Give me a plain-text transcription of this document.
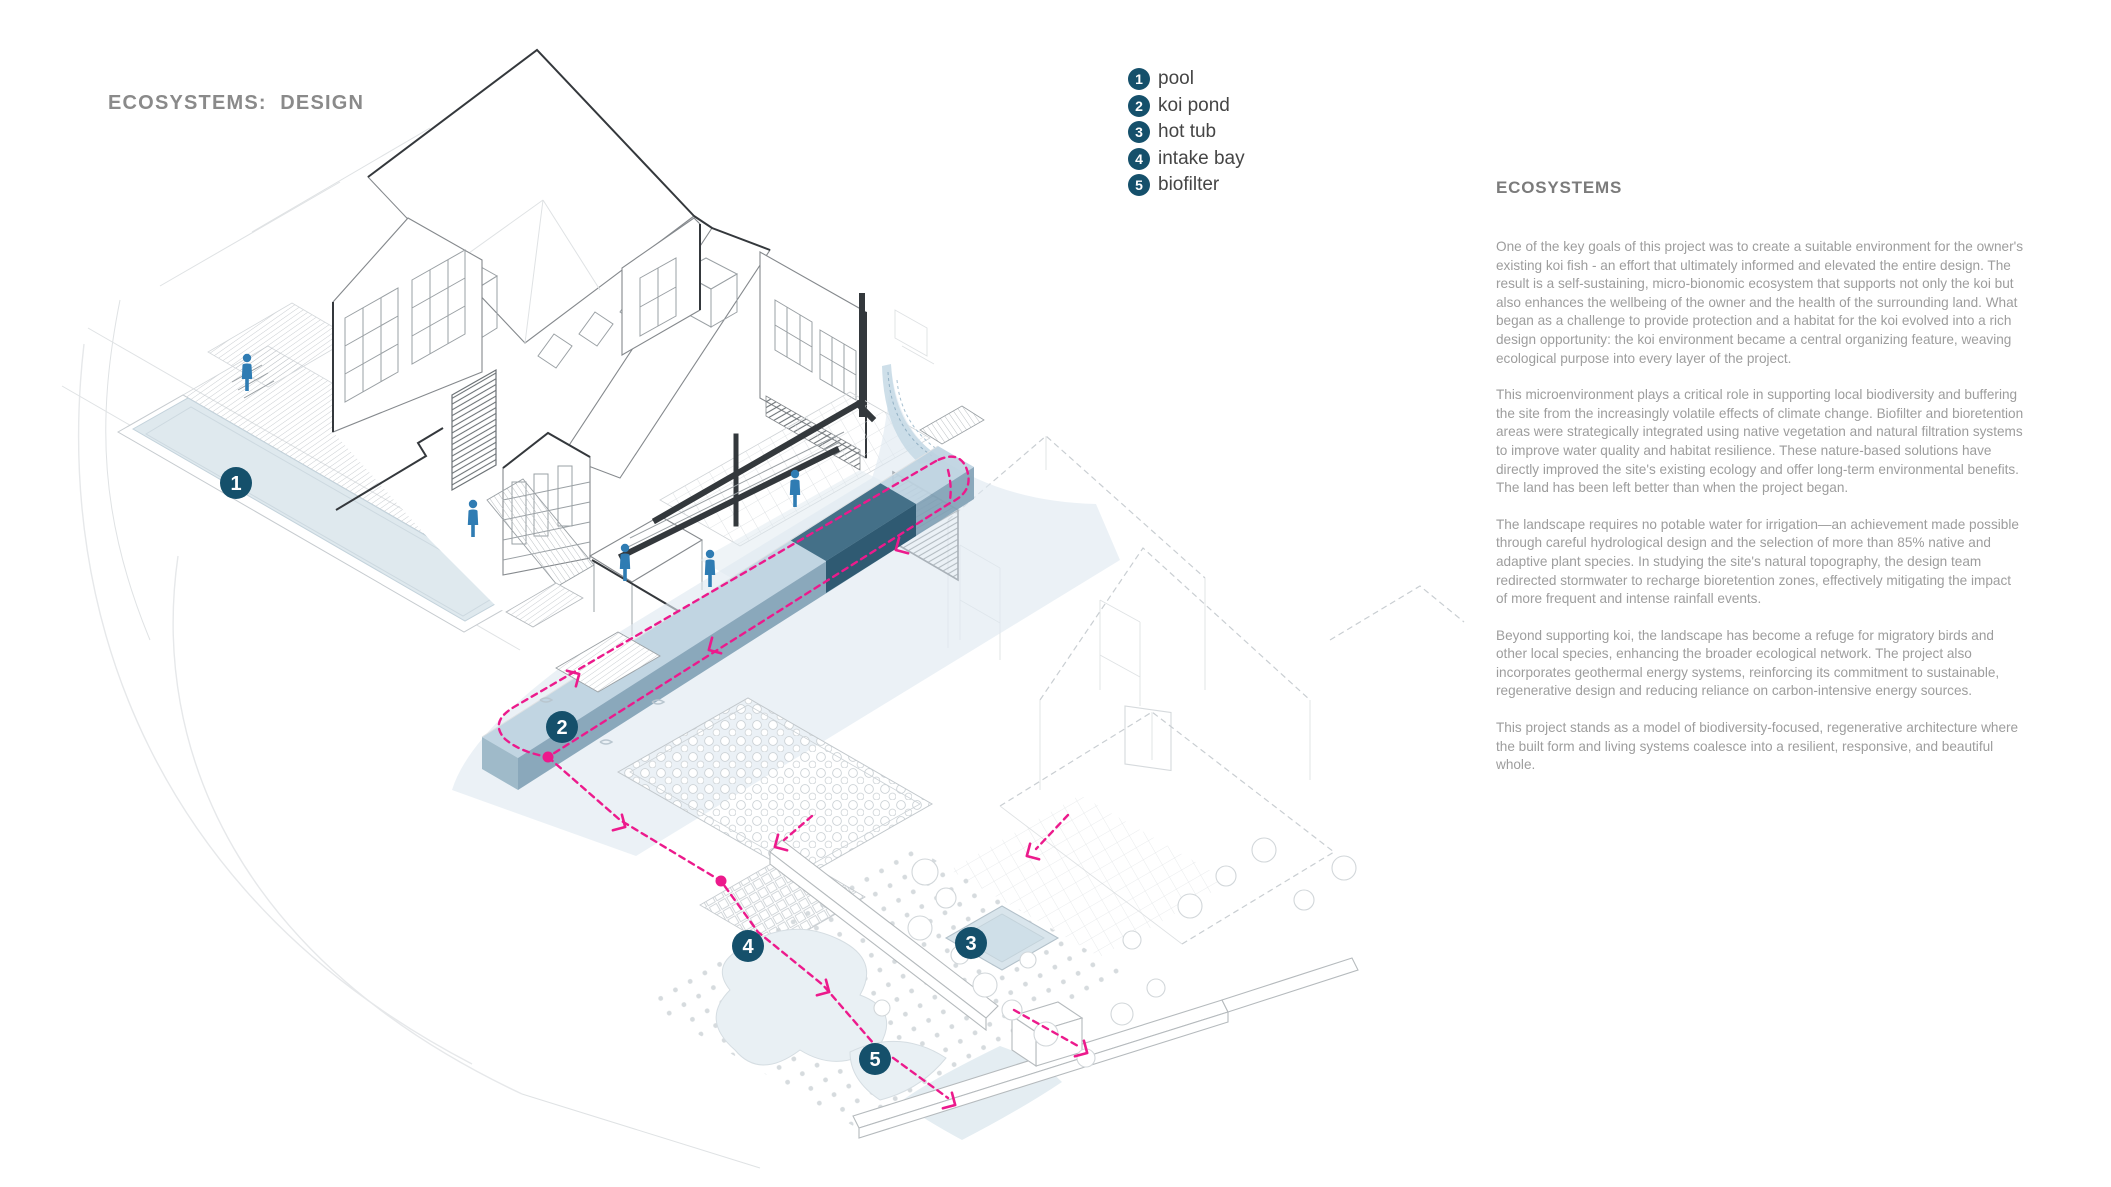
1
2
3
4
5
ECOSYSTEMS:  DESIGN
1 pool
2 koi pond
3 hot tub
4 intake bay
5 biofilter	ECOSYSTEMS

One of the key goals of this project was to create a suitable environment for the owner's existing koi fish - an effort that ultimately informed and elevated the entire design. The result is a self-sustaining, micro-bionomic ecosystem that supports not only the koi but also enhances the wellbeing of the owner and the health of the surrounding land. What began as a challenge to provide protection and a habitat for the koi evolved into a rich design opportunity: the koi environment became a central organizing feature, weaving ecological purpose into every layer of the project.

This microenvironment plays a critical role in supporting local biodiversity and buffering the site from the increasingly volatile effects of climate change. Biofilter and bioretention areas were strategically integrated using native vegetation and natural filtration systems to improve water quality and habitat resilience. These nature-based solutions have directly improved the site's existing ecology and offer long-term environmental benefits. The land has been left better than when the project began.

The landscape requires no potable water for irrigation—an achievement made possible through careful hydrological design and the selection of more than 85% native and adaptive plant species. In studying the site's natural topography, the design team redirected stormwater to recharge bioretention zones, effectively mitigating the impact of more frequent and intense rainfall events.

Beyond supporting koi, the landscape has become a refuge for migratory birds and other local species, enhancing the broader ecological network. The project also incorporates geothermal energy systems, reinforcing its commitment to sustainable, regenerative design and reducing reliance on carbon-intensive energy sources.

This project stands as a model of biodiversity-focused, regenerative architecture where the built form and living systems coalesce into a resilient, responsive, and beautiful whole.
